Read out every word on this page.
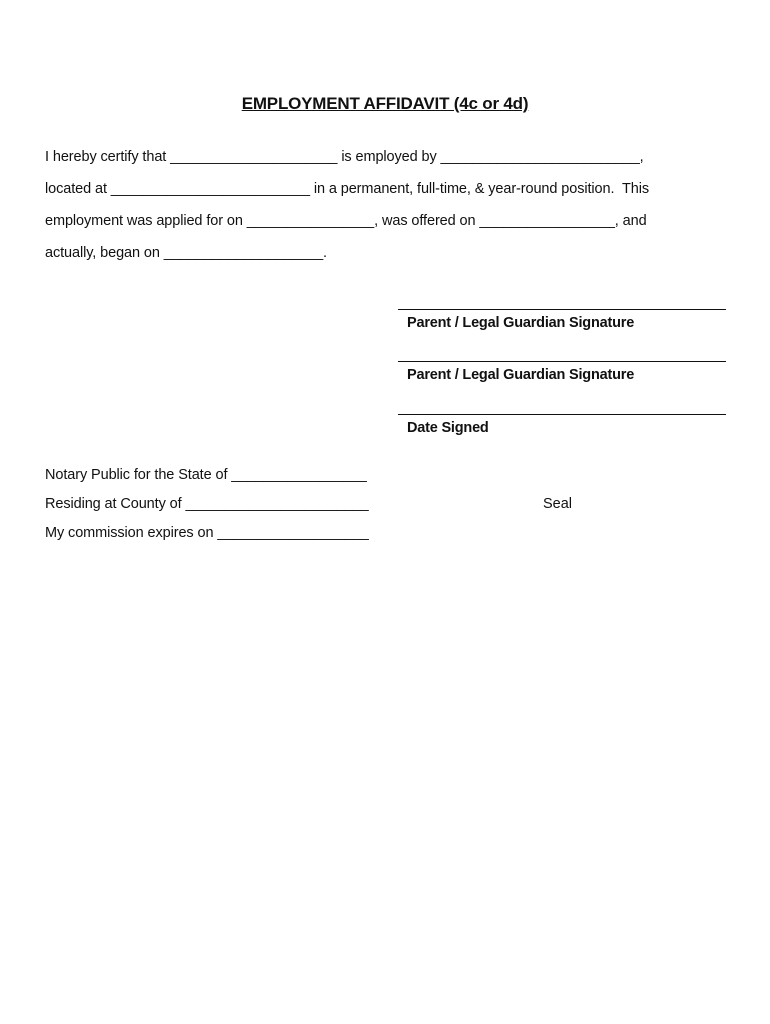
EMPLOYMENT AFFIDAVIT (4c or 4d)
I hereby certify that _____________________ is employed by _________________________,
located at _________________________ in a permanent, full-time, & year-round position.  This
employment was applied for on ________________, was offered on _________________, and
actually, began on ____________________.
Parent / Legal Guardian Signature
Parent / Legal Guardian Signature
Date Signed
Notary Public for the State of _________________
Residing at County of _______________________
My commission expires on ___________________
Seal
